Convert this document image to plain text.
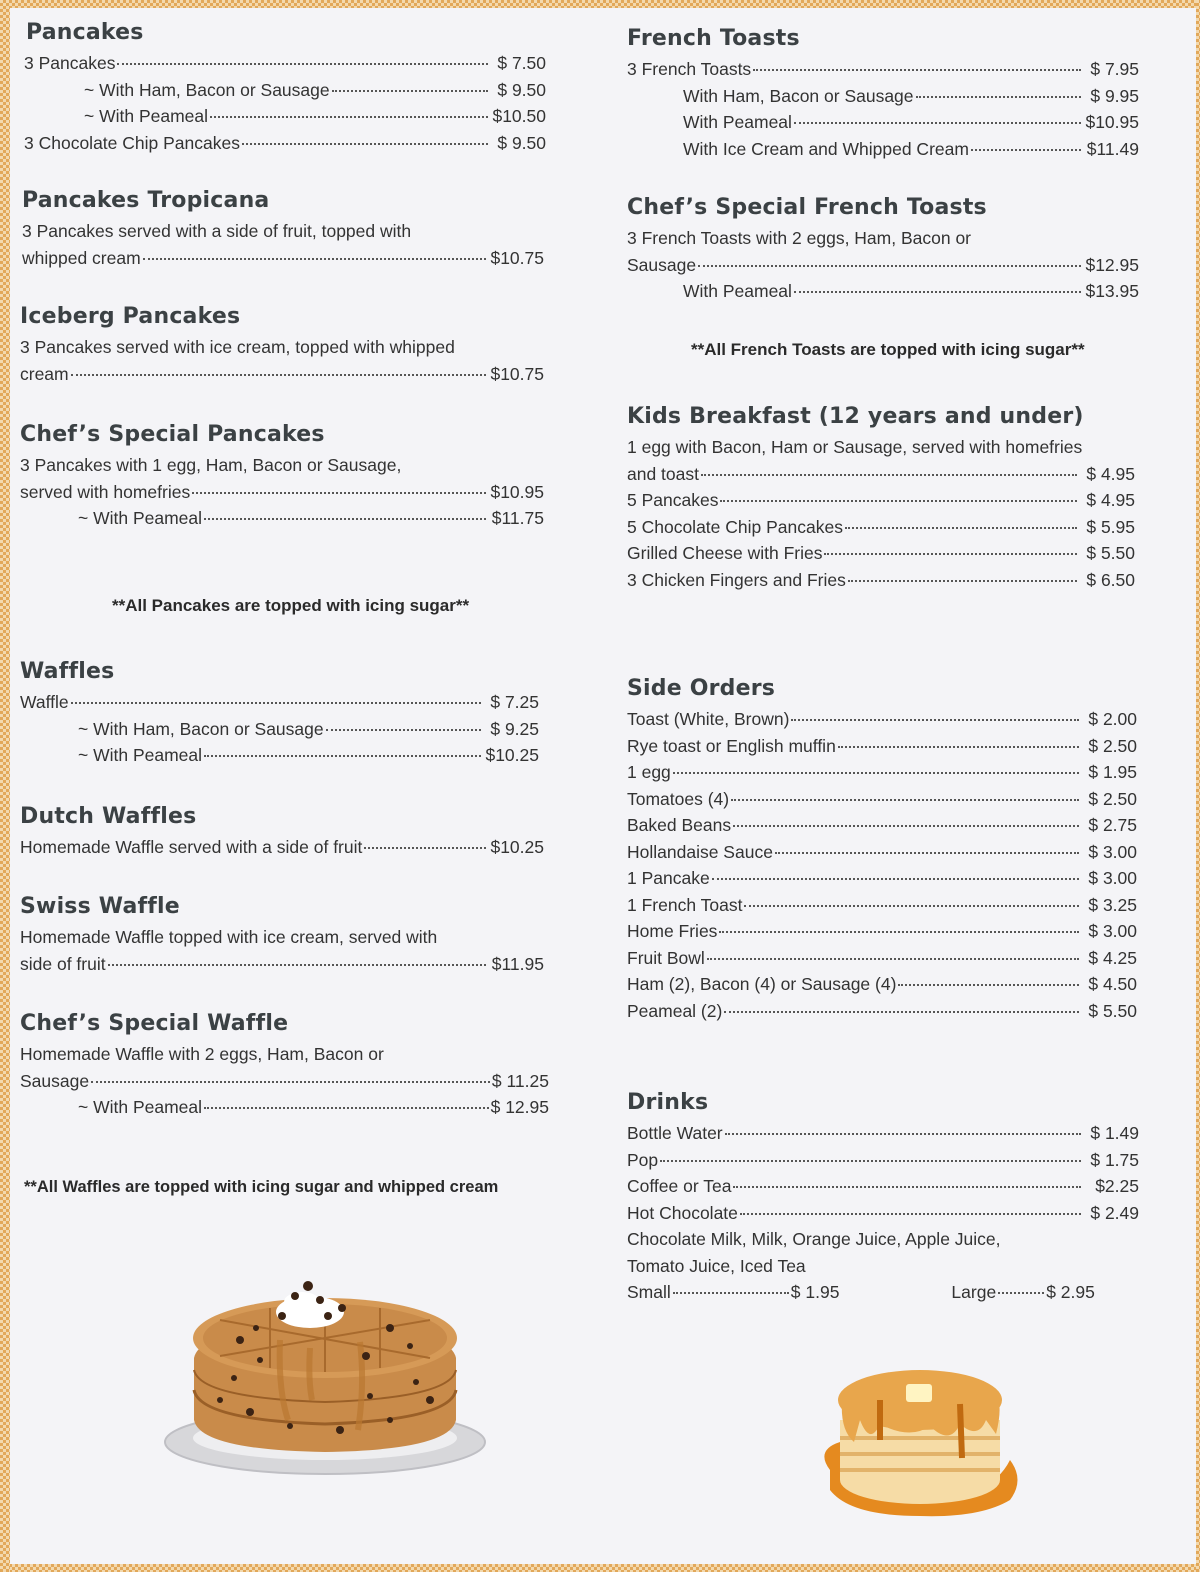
Pancakes
3 Pancakes	$ 7.50
~ With Ham, Bacon or Sausage	$ 9.50
~ With Peameal	$10.50
3 Chocolate Chip Pancakes	$ 9.50
Pancakes Tropicana
3 Pancakes served with a side of fruit, topped with
whipped cream	$10.75
Iceberg Pancakes
3 Pancakes served with ice cream, topped with whipped
cream	$10.75
Chef’s Special Pancakes
3 Pancakes with 1 egg, Ham, Bacon or Sausage,
served with homefries	$10.95
~ With Peameal	$11.75
**All Pancakes are topped with icing sugar**
Waffles
Waffle	$ 7.25
~ With Ham, Bacon or Sausage	$ 9.25
~ With Peameal	$10.25
Dutch Waffles
Homemade Waffle served with a side of fruit	$10.25
Swiss Waffle
Homemade Waffle topped with ice cream, served with
side of fruit	$11.95
Chef’s Special Waffle
Homemade Waffle with 2 eggs, Ham, Bacon or
Sausage	$ 11.25
~ With Peameal	$ 12.95
**All Waffles are topped with icing sugar and whipped cream
French Toasts
3 French Toasts	$ 7.95
With Ham, Bacon or Sausage	$ 9.95
With Peameal	$10.95
With Ice Cream and Whipped Cream	$11.49
Chef’s Special French Toasts
3 French Toasts with 2 eggs, Ham, Bacon or
Sausage	$12.95
With Peameal	$13.95
**All French Toasts are topped with icing sugar**
Kids Breakfast (12 years and under)
1 egg with Bacon, Ham or Sausage, served with homefries
and toast	$ 4.95
5 Pancakes	$ 4.95
5 Chocolate Chip Pancakes	$ 5.95
Grilled Cheese with Fries	$ 5.50
3 Chicken Fingers and Fries	$ 6.50
Side Orders
Toast (White, Brown)	$ 2.00
Rye toast or English muffin	$ 2.50
1 egg	$ 1.95
Tomatoes (4)	$ 2.50
Baked Beans	$ 2.75
Hollandaise Sauce	$ 3.00
1 Pancake	$ 3.00
1 French Toast	$ 3.25
Home Fries	$ 3.00
Fruit Bowl	$ 4.25
Ham (2), Bacon (4) or Sausage (4)	$ 4.50
Peameal (2)	$ 5.50
Drinks
Bottle Water	$ 1.49
Pop	$ 1.75
Coffee or Tea	$2.25
Hot Chocolate	$ 2.49
Chocolate Milk, Milk, Orange Juice, Apple Juice,
Tomato Juice, Iced Tea
Small	$ 1.95	Large	$ 2.95
